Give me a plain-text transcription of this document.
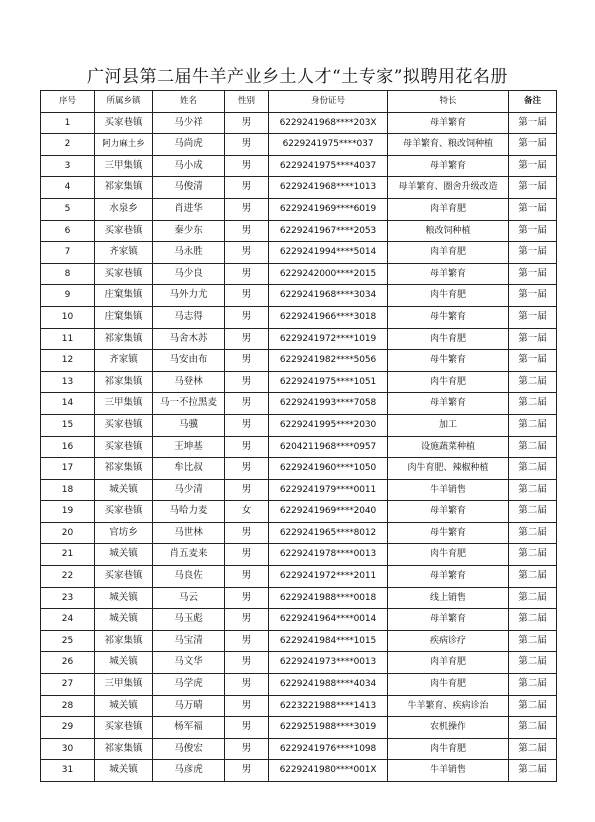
广河县第二届牛羊产业乡土人才“土专家”拟聘用花名册
序号	所属乡镇	姓名	性别	身份证号	特长	备注
1	买家巷镇	马少祥	男	6229241968****203X	母羊繁育	第一届
2	阿力麻土乡	马尚虎	男	6229241975****037	母羊繁育、粮改饲种植	第一届
3	三甲集镇	马小成	男	6229241975****4037	母羊繁育	第一届
4	祁家集镇	马俊清	男	6229241968****1013	母羊繁育、圈舍升级改造	第一届
5	水泉乡	肖进华	男	6229241969****6019	肉羊育肥	第一届
6	买家巷镇	秦少东	男	6229241967****2053	粮改饲种植	第一届
7	齐家镇	马永胜	男	6229241994****5014	肉羊育肥	第一届
8	买家巷镇	马少良	男	6229242000****2015	母羊繁育	第一届
9	庄窠集镇	马外力尤	男	6229241968****3034	肉牛育肥	第一届
10	庄窠集镇	马志得	男	6229241966****3018	母牛繁育	第一届
11	祁家集镇	马舍木苏	男	6229241972****1019	肉牛育肥	第一届
12	齐家镇	马安由布	男	6229241982****5056	母牛繁育	第一届
13	祁家集镇	马登林	男	6229241975****1051	肉牛育肥	第二届
14	三甲集镇	马一不拉黑麦	男	6229241993****7058	母羊繁育	第二届
15	买家巷镇	马骥	男	6229241995****2030	加工	第二届
16	买家巷镇	王坤基	男	6204211968****0957	设施蔬菜种植	第二届
17	祁家集镇	牟比叔	男	6229241960****1050	肉牛育肥、辣椒种植	第二届
18	城关镇	马少清	男	6229241979****0011	牛羊销售	第二届
19	买家巷镇	马哈力麦	女	6229241969****2040	母羊繁育	第二届
20	官坊乡	马世林	男	6229241965****8012	母牛繁育	第二届
21	城关镇	肖五麦来	男	6229241978****0013	肉牛育肥	第二届
22	买家巷镇	马良佐	男	6229241972****2011	母羊繁育	第二届
23	城关镇	马云	男	6229241988****0018	线上销售	第二届
24	城关镇	马玉彪	男	6229241964****0014	母羊繁育	第二届
25	祁家集镇	马宝清	男	6229241984****1015	疾病诊疗	第二届
26	城关镇	马文华	男	6229241973****0013	肉羊育肥	第二届
27	三甲集镇	马学虎	男	6229241988****4034	肉牛育肥	第二届
28	城关镇	马万晴	男	6223221988****1413	牛羊繁育、疾病诊治	第二届
29	买家巷镇	杨军福	男	6229251988****3019	农机操作	第二届
30	祁家集镇	马俊宏	男	6229241976****1098	肉牛育肥	第二届
31	城关镇	马彦虎	男	6229241980****001X	牛羊销售	第二届
